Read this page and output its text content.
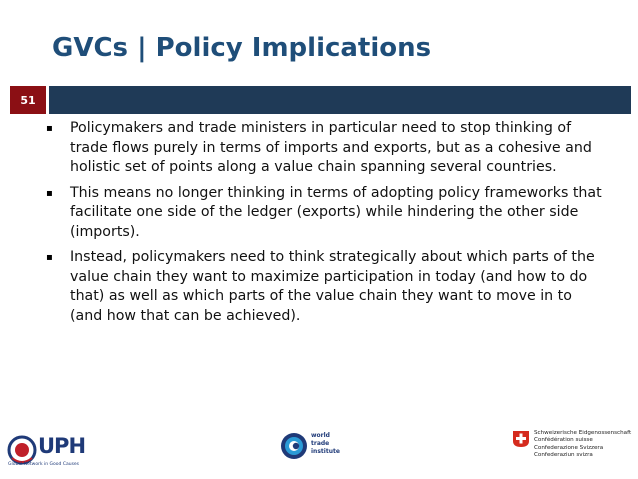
GVCs | Policy Implications
51
▪	Policymakers and trade ministers in particular need to stop thinking of trade flows purely in terms of imports and exports, but as a cohesive and holistic set of points along a value chain spanning several countries.
▪	This means no longer thinking in terms of adopting policy frameworks that facilitate one side of the ledger (exports) while hindering the other side (imports).
▪	Instead, policymakers need to think strategically about which parts of the value chain they want to maximize participation in today (and how to do that) as well as which parts of the value chain they want to move in to (and how that can be achieved).
UPH
Global Network in Good Causes
world
trade
institute
Schweizerische Eidgenossenschaft
Confédération suisse
Confederazione Svizzera
Confederaziun svizra
